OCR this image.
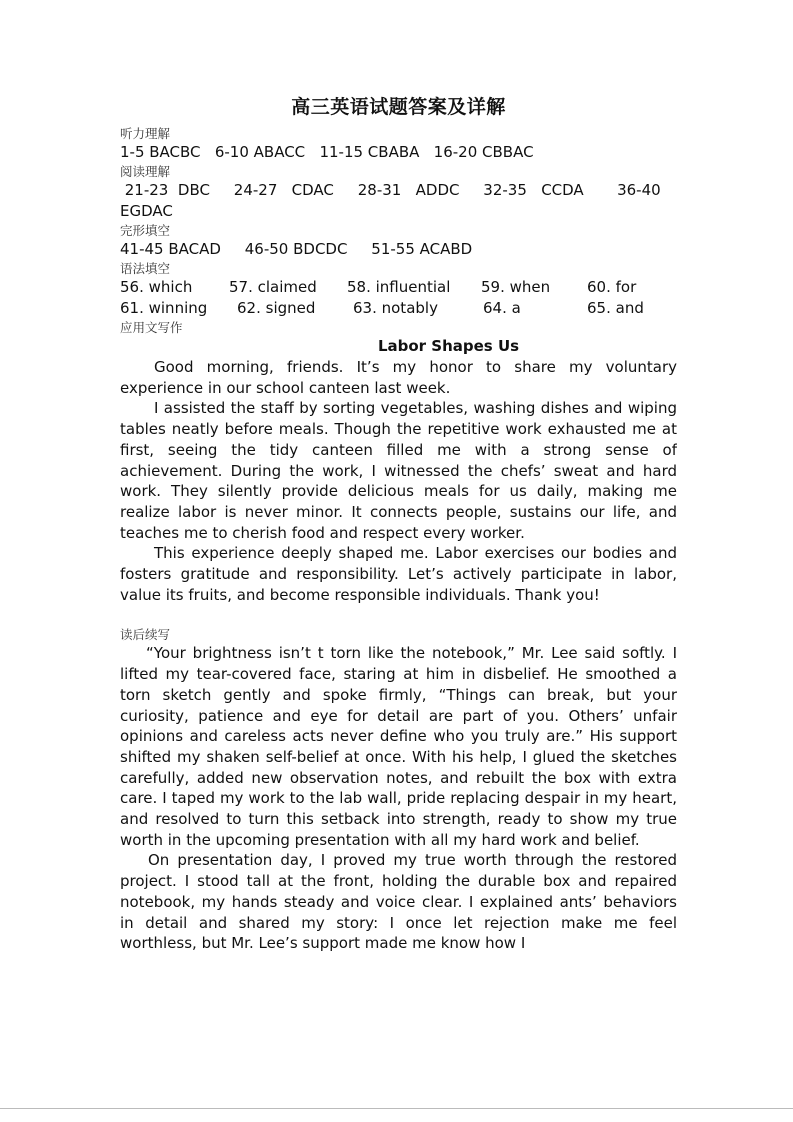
高三英语试题答案及详解
听力理解
1-5 BACBC   6-10 ABACC   11-15 CBABA   16-20 CBBAC
阅读理解
21-23  DBC     24-27   CDAC     28-31   ADDC     32-35   CCDA       36-40
EGDAC
完形填空
41-45 BACAD     46-50 BDCDC     51-55 ACABD
语法填空
56. which	57. claimed	58. influential	59. when	60. for
61. winning	62. signed	63. notably	64. a	65. and
应用文写作
Labor Shapes Us

Good morning, friends. It’s my honor to share my voluntary experience in our school canteen last week.

I assisted the staff by sorting vegetables, washing dishes and wiping tables neatly before meals. Though the repetitive work exhausted me at first, seeing the tidy canteen filled me with a strong sense of achievement. During the work, I witnessed the chefs’ sweat and hard work. They silently provide delicious meals for us daily, making me realize labor is never minor. It connects people, sustains our life, and teaches me to cherish food and respect every worker.

This experience deeply shaped me. Labor exercises our bodies and fosters gratitude and responsibility. Let’s actively participate in labor, value its fruits, and become responsible individuals. Thank you!

读后续写

“Your brightness isn’t t torn like the notebook,” Mr. Lee said softly. I lifted my tear-covered face, staring at him in disbelief. He smoothed a torn sketch gently and spoke firmly, “Things can break, but your curiosity, patience and eye for detail are part of you. Others’ unfair opinions and careless acts never define who you truly are.” His support shifted my shaken self-belief at once. With his help, I glued the sketches carefully, added new observation notes, and rebuilt the box with extra care. I taped my work to the lab wall, pride replacing despair in my heart, and resolved to turn this setback into strength, ready to show my true worth in the upcoming presentation with all my hard work and belief.

On presentation day, I proved my true worth through the restored project. I stood tall at the front, holding the durable box and repaired notebook, my hands steady and voice clear. I explained ants’ behaviors in detail and shared my story: I once let rejection make me feel worthless, but Mr. Lee’s support made me know how I
